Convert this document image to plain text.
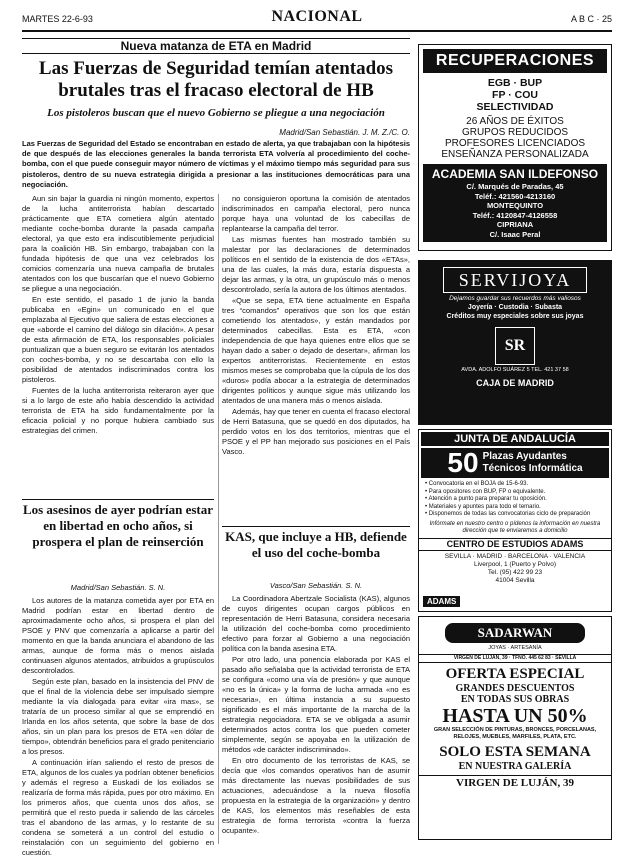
MARTES 22-6-93	NACIONAL	A B C · 25
Nueva matanza de ETA en Madrid
Las Fuerzas de Seguridad temían atentados brutales tras el fracaso electoral de HB
Los pistoleros buscan que el nuevo Gobierno se pliegue a una negociación
Madrid/San Sebastián. J. M. Z./C. O.
Las Fuerzas de Seguridad del Estado se encontraban en estado de alerta, ya que trabajaban con la hipótesis de que después de las elecciones generales la banda terrorista ETA volvería al procedimiento del coche-bomba, con el que puede conseguir mayor número de víctimas y el máximo tiempo más seguridad para sus pistoleros, dentro de su nueva estrategia dirigida a presionar a las instituciones democráticas para una negociación.

Aun sin bajar la guardia ni ningún momento, expertos de la lucha antiterrorista habían descartado prácticamente que ETA cometiera algún atentado mediante coche-bomba durante la pasada campaña electoral, ya que esto era indiscutiblemente perjudicial para la coalición HB. Sin embargo, trabajaban con la fundada hipótesis de que una vez celebrados los comicios comenzaría una nueva campaña de brutales atentados con los que buscarían que el nuevo Gobierno se pliegue a una negociación.

En este sentido, el pasado 1 de junio la banda publicaba en «Egin» un comunicado en el que emplazaba al Ejecutivo que saliera de estas elecciones a que «aborde el camino del diálogo sin dilación». A pesar de esta afirmación de ETA, los responsables policiales puntualizan que a buen seguro se evitarán los atentados con coches-bomba, y no se descartaba con ello la posibilidad de atentados indiscriminados contra los pistoleros.

Fuentes de la lucha antiterrorista reiteraron ayer que si a lo largo de este año había descendido la actividad terrorista de ETA ha sido fundamentalmente por la eficacia policial y no porque hubiera cambiado sus estrategias del crimen.

no consiguieron oportuna la comisión de atentados indiscriminados en campaña electoral, pero nunca porque haya una voluntad de los cabecillas de replantearse la campaña del terror.

Las mismas fuentes han mostrado también su malestar por las declaraciones de determinados políticos en el sentido de la existencia de dos «ETAs», una de las cuales, la más dura, estaría dispuesta a dejar las armas, y la otra, un grupúsculo más o menos descontrolado, sería la autora de los últimos atentados.

«Que se sepa, ETA tiene actualmente en España tres “comandos” operativos que son los que están cometiendo los atentados», y están mandados por determinados cabecillas. Esta es ETA, «con independencia de que haya quienes entre ellos que se hayan dado a saber o dejado de desertar», afirman los expertos antiterroristas. Recientemente en estos mismos meses se comprobaba que la cúpula de los dos «duros» podía abocar a la estrategia de determinados dirigentes políticos y aunque sigue más utilizando los atentados de una manera más o menos aislada.

Además, hay que tener en cuenta el fracaso electoral de Herri Batasuna, que se quedó en dos diputados, ha perdido votos en los dos territorios, mientras que el PSOE y el PP han mejorado sus posiciones en el País Vasco.

Los asesinos de ayer podrían estar en libertad en ocho años, si prospera el plan de reinserción
Madrid/San Sebastián. S. N.

Los autores de la matanza cometida ayer por ETA en Madrid podrían estar en libertad dentro de aproximadamente ocho años, si prospera el plan del PSOE y PNV que comenzaría a aplicarse a partir del momento en que la banda anunciara el abandono de las armas, aunque de forma más o menos aislada continuasen algunos atentados, atribuidos a grupúsculos descontrolados.

Según este plan, basado en la insistencia del PNV de que el final de la violencia debe ser impulsado siempre mediante la vía dialogada para evitar «ira mas», se trataría de un proceso similar al que se emprendió en Irlanda en los años setenta, que sobre la base de dos años, sin un plan para los presos de ETA «en dólar de tiempo», obtendrán beneficios para el grado penitenciario a los presos.

A continuación irían saliendo el resto de presos de ETA, algunos de los cuales ya podrían obtener beneficios y además el regreso a Euskadi de los exiliados se realizaría de forma más rápida, pues por otro máximo. En los primeros años, que cuenta unos dos años, se permitirá que el resto pueda ir saliendo de las cárceles tras el abandono de las armas, y lo restante de su condena se someterá a un control del estudio o reinstalación con un seguimiento del gobierno en cuestión.

KAS, que incluye a HB, defiende el uso del coche-bomba
Vasco/San Sebastián. S. N.

La Coordinadora Abertzale Socialista (KAS), algunos de cuyos dirigentes ocupan cargos públicos en representación de Herri Batasuna, considera necesaria la utilización del coche-bomba como procedimiento efectivo para forzar al Gobierno a una negociación política con la banda asesina ETA.

Por otro lado, una ponencia elaborada por KAS el pasado año señalaba que la actividad terrorista de ETA se configura «como una vía de presión» y que aunque «no es la única» y la forma de lucha armada «no es necesaria», en última instancia a su supuesto significado es el más importante de la marcha de la estrategia negociadora. ETA se ve obligada a asumir determinados actos contra los que pueden cometer simplemente, según se apoyaba en la utilización de métodos «de carácter indiscriminado».

En otro documento de los terroristas de KAS, se decía que «los comandos operativos han de asumir más directamente las nuevas posibilidades de sus actuaciones, adecuándose a la nueva filosofía propuesta en la estrategia de la organización» y dentro de KAS, los elementos más reseñables de esta estrategia de forma terrorista «contra la fuerza ocupante».

RECUPERACIONES
EGB · BUP
FP · COU
SELECTIVIDAD
26 AÑOS DE ÉXITOS
GRUPOS REDUCIDOS
PROFESORES LICENCIADOS
ENSEÑANZA PERSONALIZADA
ACADEMIA SAN ILDEFONSO
C/. Marqués de Paradas, 45
Teléf.: 421560-4213160
MONTEQUINTO
Teléf.: 4120847-4126558
CIPRIANA
C/. Isaac Peral
SERVIJOYA
Dejamos guardar sus recuerdos más valiosos
Joyería · Custodia · Subasta
Créditos muy especiales sobre sus joyas
SR
AVDA. ADOLFO SUÁREZ 5 TEL. 421 37 58
CAJA DE MADRID
JUNTA DE ANDALUCÍA
50 Plazas Ayudantes
Técnicos Informática
• Convocatoria en el BOJA de 15-6-93.
• Para opositores con BUP, FP o equivalente.
• Atención a punto para preparar tu oposición.
• Materiales y apuntes para todo el temario.
• Disponemos de todas las convocatorias ciclo de preparación
Infórmate en nuestro centro o pídenos la información en nuestra dirección que te enviaremos a domicilio
CENTRO DE ESTUDIOS ADAMS
SEVILLA · MADRID · BARCELONA · VALENCIA
Liverpool, 1 (Puerto y Polvo)
Tel. (95) 422 99 23
41004 Sevilla
ADAMS
SADARWAN
JOYAS · ARTESANÍA
VIRGEN DE LUJÁN, 39 · TFNO. 445 62 83 · SEVILLA
OFERTA ESPECIAL
GRANDES DESCUENTOS
EN TODAS SUS OBRAS
HASTA UN 50%
GRAN SELECCIÓN DE PINTURAS, BRONCES, PORCELANAS, RELOJES, MUEBLES, MARFILES, PLATA, ETC.
SOLO ESTA SEMANA
EN NUESTRA GALERÍA
VIRGEN DE LUJÁN, 39
